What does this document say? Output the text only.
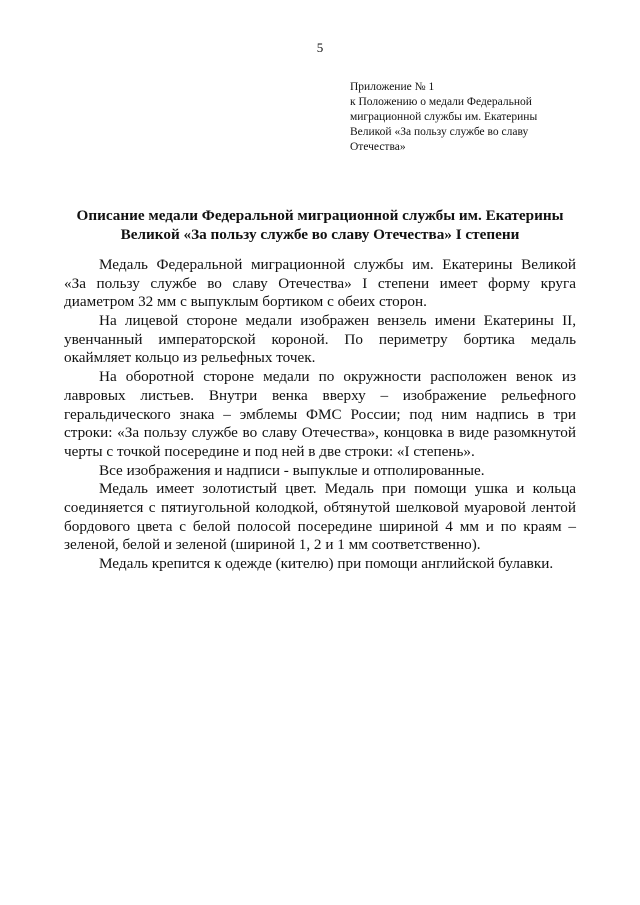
5
Приложение № 1
к Положению о медали Федеральной
миграционной службы им. Екатерины
Великой «За пользу службе во славу
Отечества»
Описание медали Федеральной миграционной службы им. Екатерины
Великой «За пользу службе во славу Отечества» I степени
Медаль Федеральной миграционной службы им. Екатерины Великой
«За пользу службе во славу Отечества» I степени имеет форму круга
диаметром 32 мм с выпуклым бортиком с обеих сторон.
На лицевой стороне медали изображен вензель имени Екатерины II,
увенчанный императорской короной. По периметру бортика медаль
окаймляет кольцо из рельефных точек.
На оборотной стороне медали по окружности расположен венок из
лавровых листьев. Внутри венка вверху – изображение рельефного
геральдического знака – эмблемы ФМС России; под ним надпись в три
строки: «За пользу службе во славу Отечества», концовка в виде разомкнутой
черты с точкой посередине и под ней в две строки: «I степень».
Все изображения и надписи - выпуклые и отполированные.
Медаль имеет золотистый цвет. Медаль при помощи ушка и кольца
соединяется с пятиугольной колодкой, обтянутой шелковой муаровой лентой
бордового цвета с белой полосой посередине шириной 4 мм и по краям –
зеленой, белой и зеленой (шириной 1, 2 и 1 мм соответственно).
Медаль крепится к одежде (кителю) при помощи английской булавки.
